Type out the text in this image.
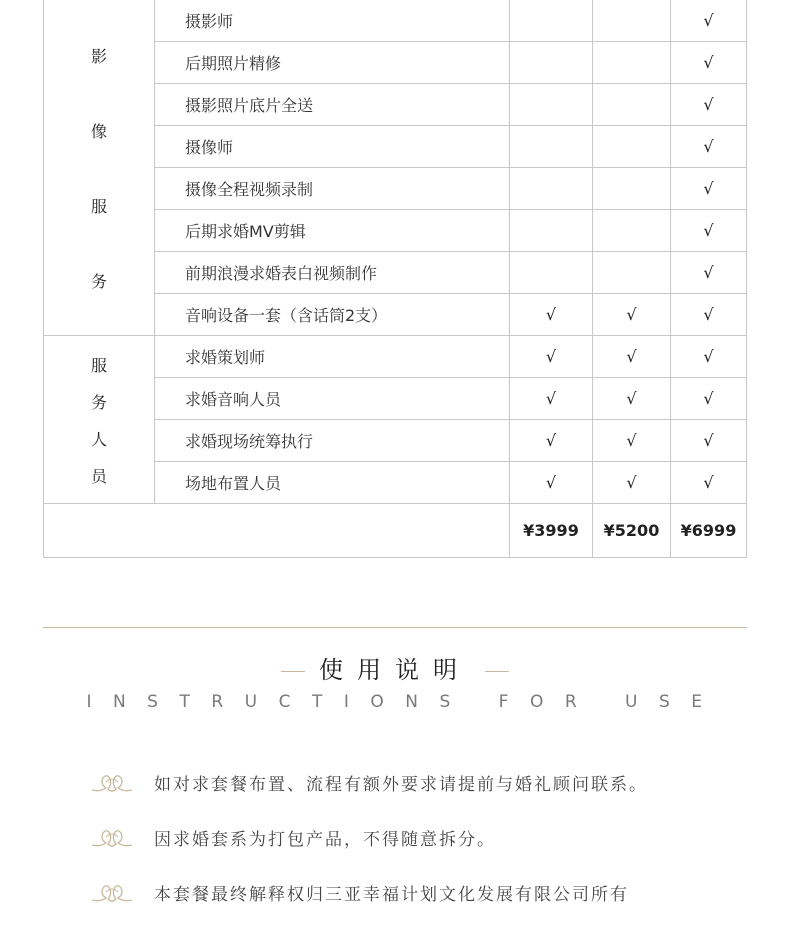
影
像
服
务	摄影师			√
	后期照片精修			√
	摄影照片底片全送			√
	摄像师			√
	摄像全程视频录制			√
	后期求婚MV剪辑			√
	前期浪漫求婚表白视频制作			√
	音响设备一套（含话筒2支）	√	√	√

服
务
人
员	求婚策划师	√	√	√
	求婚音响人员	√	√	√
	求婚现场统筹执行	√	√	√
	场地布置人员	√	√	√
		¥3999	¥5200	¥6999
使用说明
INSTRUCTIONS FOR USE
如对求套餐布置、流程有额外要求请提前与婚礼顾问联系。
因求婚套系为打包产品，不得随意拆分。
本套餐最终解释权归三亚幸福计划文化发展有限公司所有
